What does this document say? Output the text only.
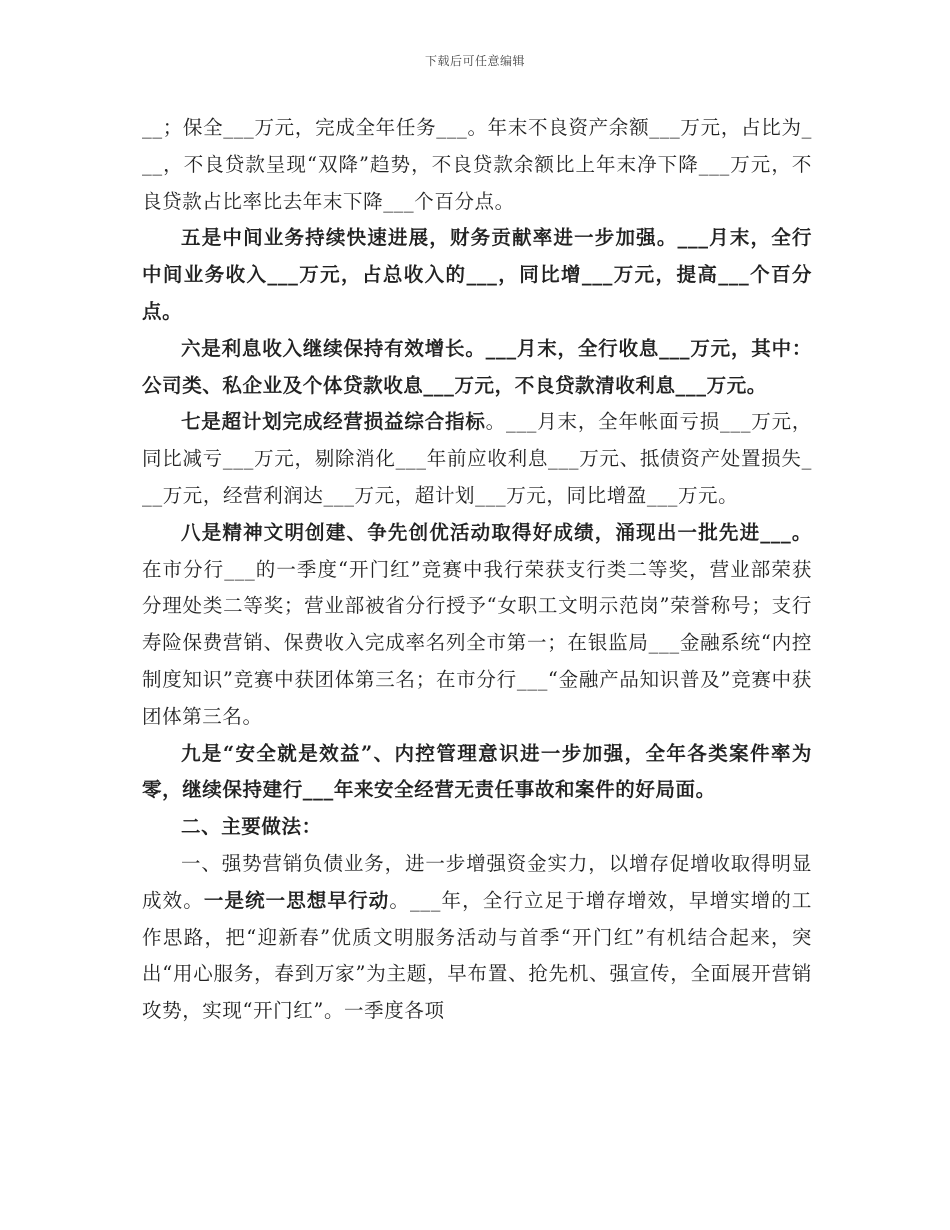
下载后可任意编辑

__；保全___万元，完成全年任务___。年末不良资产余额___万元，占比为___，不良贷款呈现“双降”趋势，不良贷款余额比上年末净下降___万元，不良贷款占比率比去年末下降___个百分点。

五是中间业务持续快速进展，财务贡献率进一步加强。___月末，全行中间业务收入___万元，占总收入的___，同比增___万元，提高___个百分点。

六是利息收入继续保持有效增长。___月末，全行收息___万元，其中：公司类、私企业及个体贷款收息___万元，不良贷款清收利息___万元。

七是超计划完成经营损益综合指标。___月末，全年帐面亏损___万元，同比减亏___万元，剔除消化___年前应收利息___万元、抵债资产处置损失___万元，经营利润达___万元，超计划___万元，同比增盈___万元。

八是精神文明创建、争先创优活动取得好成绩，涌现出一批先进___。在市分行___的一季度“开门红”竞赛中我行荣获支行类二等奖，营业部荣获分理处类二等奖；营业部被省分行授予“女职工文明示范岗”荣誉称号；支行寿险保费营销、保费收入完成率名列全市第一；在银监局___金融系统“内控制度知识”竞赛中获团体第三名；在市分行___“金融产品知识普及”竞赛中获团体第三名。

九是“安全就是效益”、内控管理意识进一步加强，全年各类案件率为零，继续保持建行___年来安全经营无责任事故和案件的好局面。

二、主要做法：

一、强势营销负债业务，进一步增强资金实力，以增存促增收取得明显成效。一是统一思想早行动。___年，全行立足于增存增效，早增实增的工作思路，把“迎新春”优质文明服务活动与首季“开门红”有机结合起来，突出“用心服务，春到万家”为主题，早布置、抢先机、强宣传，全面展开营销攻势，实现“开门红”。一季度各项
